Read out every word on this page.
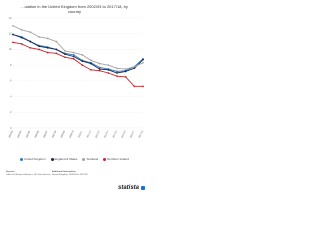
...ulation in the United Kingdom from 2002/03 to 2017/18, by
country
0
2
4
6
8
10
12
14
2002/03 2003/04 2004/05 2005/06 2006/07 2007/08 2008/09 2009/10 2010/11 2011/12 2012/13 2013/14 2014/15 2015/16 2016/17 2017/18
United Kingdom	England & Wales	Scotland	Northern Ireland
Sources
Office for National Statistics; UK Data Service; ...
Additional Information:
United Kingdom; 2002/03 to 2017/18
statista
